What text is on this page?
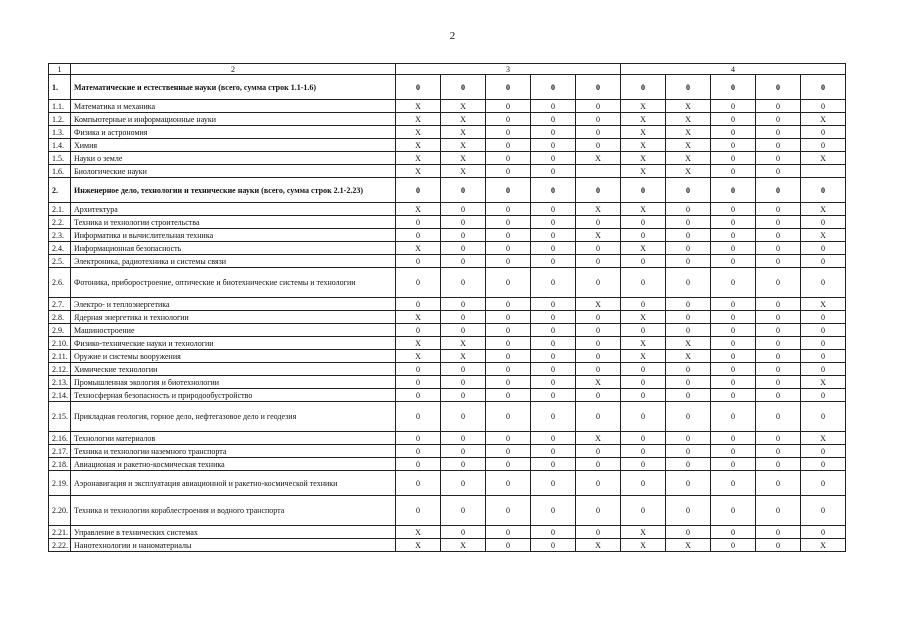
2
1	2	3					4				
1.	Математические и естественные науки (всего, сумма строк 1.1-1.6)	0	0	0	0	0	0	0	0	0	0
1.1.	Математика и механика	X	X	0	0	0	X	X	0	0	0
1.2.	Компьютерные и информационные науки	X	X	0	0	0	X	X	0	0	X
1.3.	Физика и астрономия	X	X	0	0	0	X	X	0	0	0
1.4.	Химия	X	X	0	0	0	X	X	0	0	0
1.5.	Науки о земле	X	X	0	0	X	X	X	0	0	X
1.6.	Биологические науки	X	X	0	0		X	X	0	0	
2.	Инженерное дело, технологии и технические науки (всего, сумма строк 2.1-2.23)	0	0	0	0	0	0	0	0	0	0
2.1.	Архитектура	X	0	0	0	X	X	0	0	0	X
2.2.	Техника и технологии строительства	0	0	0	0	0	0	0	0	0	0
2.3.	Информатика и вычислительная техника	0	0	0	0	X	0	0	0	0	X
2.4.	Информационная безопасность	X	0	0	0	0	X	0	0	0	0
2.5.	Электроника, радиотехника и системы связи	0	0	0	0	0	0	0	0	0	0
2.6.	Фотоника, приборостроение, оптические и биотехнические системы и технологии	0	0	0	0	0	0	0	0	0	0
2.7.	Электро- и теплоэнергетика	0	0	0	0	X	0	0	0	0	X
2.8.	Ядерная энергетика и технологии	X	0	0	0	0	X	0	0	0	0
2.9.	Машиностроение	0	0	0	0	0	0	0	0	0	0
2.10.	Физико-технические науки и технологии	X	X	0	0	0	X	X	0	0	0
2.11.	Оружие и системы вооружения	X	X	0	0	0	X	X	0	0	0
2.12.	Химические технологии	0	0	0	0	0	0	0	0	0	0
2.13.	Промышленная экология и биотехнологии	0	0	0	0	X	0	0	0	0	X
2.14.	Техносферная безопасность и природообустройство	0	0	0	0	0	0	0	0	0	0
2.15.	Прикладная геология, горное дело, нефтегазовое дело и геодезия	0	0	0	0	0	0	0	0	0	0
2.16.	Технологии материалов	0	0	0	0	X	0	0	0	0	X
2.17.	Техника и технологии наземного транспорта	0	0	0	0	0	0	0	0	0	0
2.18.	Авиационая и ракетно-космическая техника	0	0	0	0	0	0	0	0	0	0
2.19.	Аэронавигация и эксплуатация авиационной и ракетно-космической техники	0	0	0	0	0	0	0	0	0	0
2.20.	Техника и технологии кораблестроения и водного транспорта	0	0	0	0	0	0	0	0	0	0
2.21.	Управление в технических системах	X	0	0	0	0	X	0	0	0	0
2.22.	Нанотехнологии и наноматериалы	X	X	0	0	X	X	X	0	0	X
